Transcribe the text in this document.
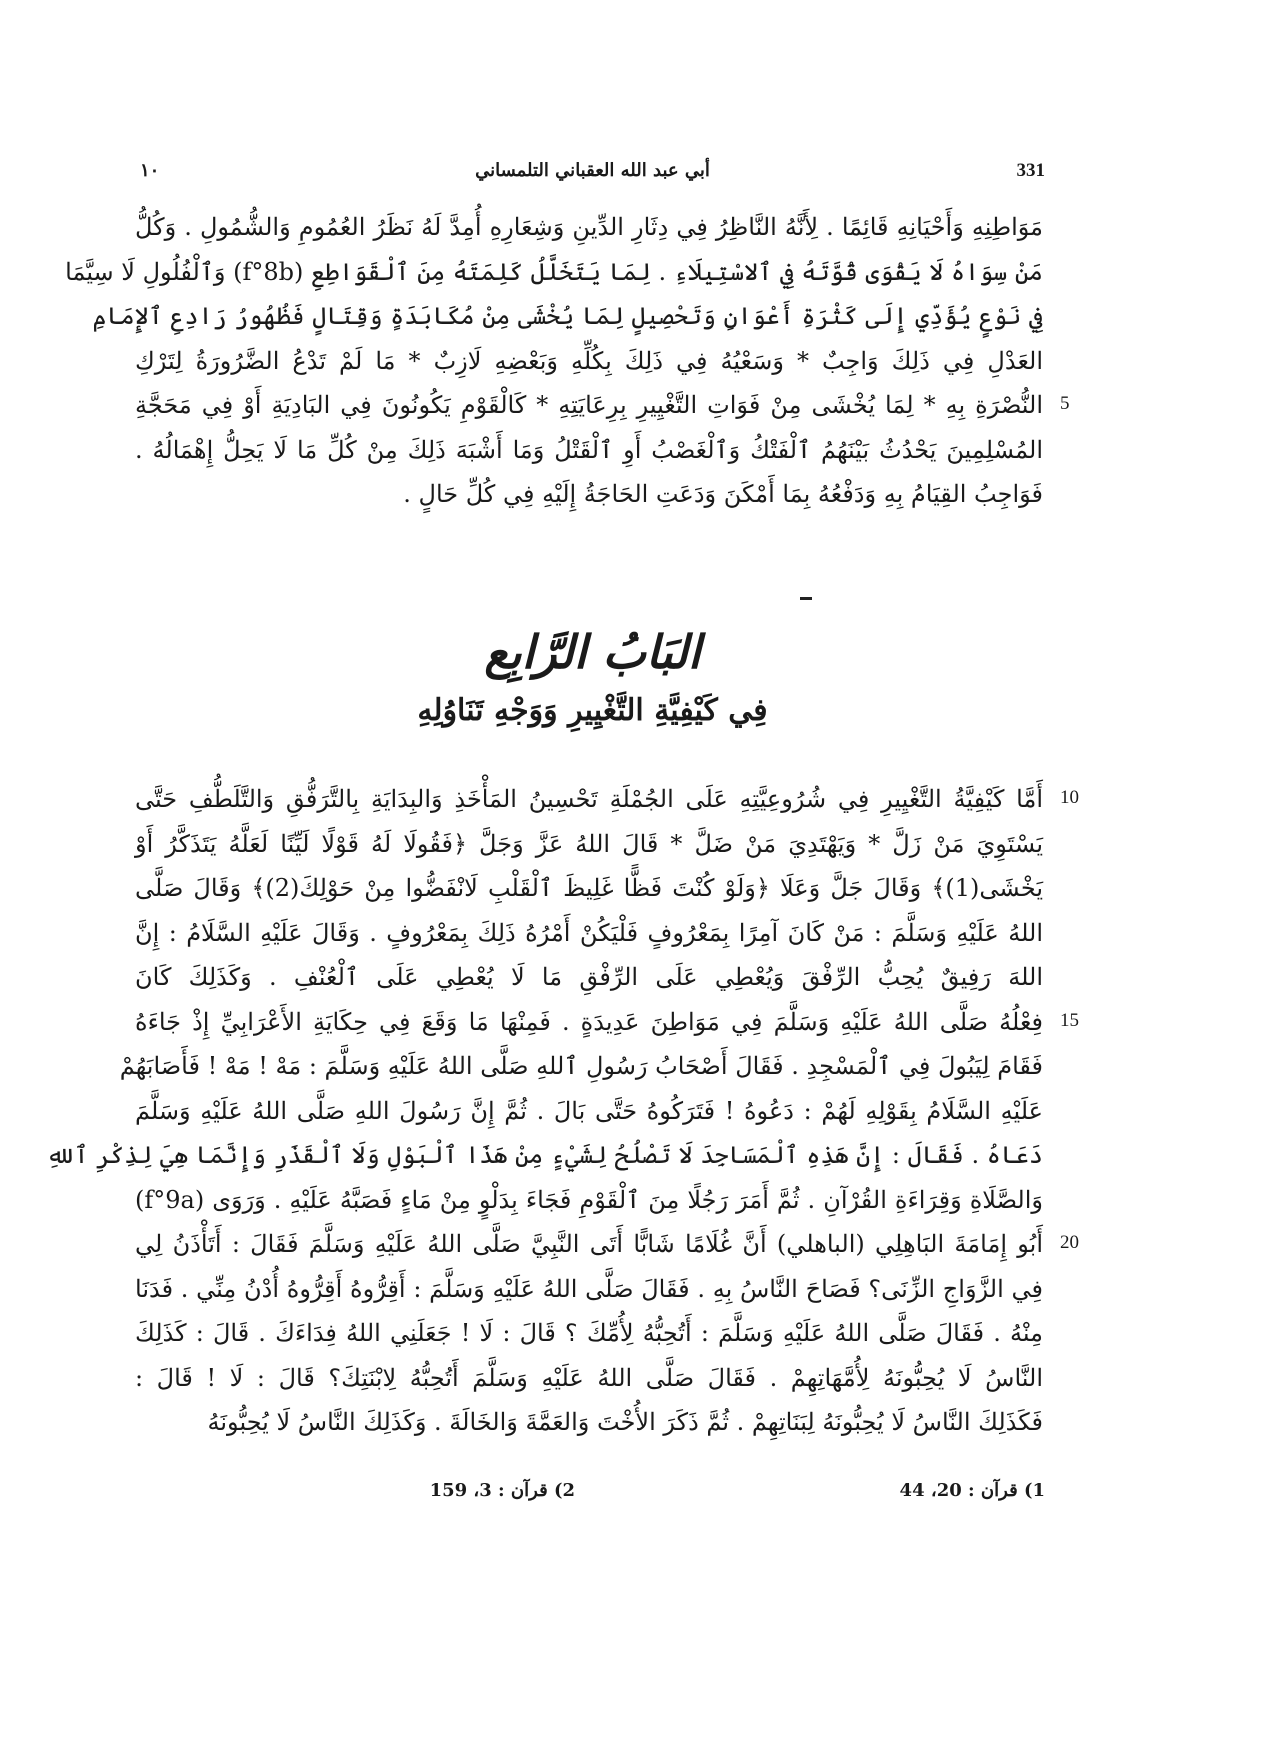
331
أبي عبد الله العقباني التلمساني
١٠
مَوَاطِنِهِ وَأَحْيَانِهِ قَائِمًا . لِأَنَّهُ النَّاظِرُ فِي دِثَارِ الدِّينِ وَشِعَارِهِ أُمِدَّ لَهُ نَظَرُ العُمُومِ وَالشُّمُولِ . وَكُلُّ
مَنْ سِوَاهُ لَا يَقْوَى قُوَّتَهُ فِي ٱلاسْتِيلَاءِ . لِمَا يَتَخَلَّلُ كَلِمَتَهُ مِنَ ٱلْقَوَاطِعِ (f°8b) وَٱلْفُلُولِ لَا سِيَّمَا
فِي نَوْعٍ يُؤَدِّي إِلَى كَثْرَةِ أَعْوَانٍ وَتَحْصِيلٍ لِمَا يُخْشَى مِنْ مُكَابَدَةٍ وَقِتَالٍ فَظُهُورُ رَادِعِ ٱلإِمَامِ
العَدْلِ فِي ذَلِكَ وَاجِبٌ * وَسَعْيُهُ فِي ذَلِكَ بِكُلِّهِ وَبَعْضِهِ لَازِبٌ * مَا لَمْ تَدْعُ الضَّرُورَةُ لِتَرْكِ
النُّصْرَةِ بِهِ * لِمَا يُخْشَى مِنْ فَوَاتِ التَّغْيِيرِ بِرِعَايَتِهِ * كَالْقَوْمِ يَكُونُونَ فِي البَادِيَةِ أَوْ فِي مَحَجَّةِ
المُسْلِمِينَ يَحْدُثُ بَيْنَهُمُ ٱلْفَتْكُ وَٱلْغَصْبُ أَوِ ٱلْقَتْلُ وَمَا أَشْبَهَ ذَلِكَ مِنْ كُلِّ مَا لَا يَحِلُّ إِهْمَالُهُ .
فَوَاجِبُ القِيَامُ بِهِ وَدَفْعُهُ بِمَا أَمْكَنَ وَدَعَتِ الحَاجَةُ إِلَيْهِ فِي كُلِّ حَالٍ .
5
البَابُ الرَّابِع
فِي كَيْفِيَّةِ التَّغْيِيرِ وَوَجْهِ تَنَاوُلِهِ
أَمَّا كَيْفِيَّةُ التَّغْيِيرِ فِي شُرُوعِيَّتِهِ عَلَى الجُمْلَةِ تَحْسِينُ المَأْخَذِ وَالبِدَايَةِ بِالتَّرَفُّقِ وَالتَّلَطُّفِ حَتَّى
يَسْتَوِيَ مَنْ زَلَّ * وَيَهْتَدِيَ مَنْ ضَلَّ * قَالَ اللهُ عَزَّ وَجَلَّ ﴿فَقُولَا لَهُ قَوْلًا لَيِّنًا لَعَلَّهُ يَتَذَكَّرُ أَوْ
يَخْشَى(1)﴾ وَقَالَ جَلَّ وَعَلَا ﴿وَلَوْ كُنْتَ فَظًّا غَلِيظَ ٱلْقَلْبِ لَانْفَضُّوا مِنْ حَوْلِكَ(2)﴾ وَقَالَ صَلَّى
اللهُ عَلَيْهِ وَسَلَّمَ : مَنْ كَانَ آمِرًا بِمَعْرُوفٍ فَلْيَكُنْ أَمْرُهُ ذَلِكَ بِمَعْرُوفٍ . وَقَالَ عَلَيْهِ السَّلَامُ : إِنَّ
اللهَ رَفِيقٌ يُحِبُّ الرِّفْقَ وَيُعْطِي عَلَى الرِّفْقِ مَا لَا يُعْطِي عَلَى ٱلْعُنْفِ . وَكَذَلِكَ كَانَ
فِعْلُهُ صَلَّى اللهُ عَلَيْهِ وَسَلَّمَ فِي مَوَاطِنَ عَدِيدَةٍ . فَمِنْهَا مَا وَقَعَ فِي حِكَايَةِ الأَعْرَابِيِّ إِذْ جَاءَهُ
فَقَامَ لِيَبُولَ فِي ٱلْمَسْجِدِ . فَقَالَ أَصْحَابُ رَسُولِ ٱللهِ صَلَّى اللهُ عَلَيْهِ وَسَلَّمَ : مَهْ ! مَهْ ! فَأَصَابَهُمْ
عَلَيْهِ السَّلَامُ بِقَوْلِهِ لَهُمْ : دَعُوهُ ! فَتَرَكُوهُ حَتَّى بَالَ . ثُمَّ إِنَّ رَسُولَ اللهِ صَلَّى اللهُ عَلَيْهِ وَسَلَّمَ
دَعَاهُ . فَقَالَ : إِنَّ هَذِهِ ٱلْمَسَاجِدَ لَا تَصْلُحُ لِشَيْءٍ مِنْ هَذَا ٱلْبَوْلِ وَلَا ٱلْقَذَرِ وَإِنَّمَا هِيَ لِذِكْرِ ٱللهِ
وَالصَّلَاةِ وَقِرَاءَةِ القُرْآنِ . ثُمَّ أَمَرَ رَجُلًا مِنَ ٱلْقَوْمِ فَجَاءَ بِدَلْوٍ مِنْ مَاءٍ فَصَبَّهُ عَلَيْهِ . وَرَوَى (f°9a)
أَبُو إِمَامَةَ البَاهِلِي (الباهلي) أَنَّ غُلَامًا شَابًّا أَتَى النَّبِيَّ صَلَّى اللهُ عَلَيْهِ وَسَلَّمَ فَقَالَ : أَتَأْذَنُ لِي
فِي الزَّوَاجِ الزِّنَى؟ فَصَاحَ النَّاسُ بِهِ . فَقَالَ صَلَّى اللهُ عَلَيْهِ وَسَلَّمَ : أَقِرُّوهُ أَقِرُّوهُ أُدْنُ مِنِّي . فَدَنَا
مِنْهُ . فَقَالَ صَلَّى اللهُ عَلَيْهِ وَسَلَّمَ : أَتُحِبُّهُ لِأُمِّكَ ؟ قَالَ : لَا ! جَعَلَنِي اللهُ فِدَاءَكَ . قَالَ : كَذَلِكَ
النَّاسُ لَا يُحِبُّونَهُ لِأُمَّهَاتِهِمْ . فَقَالَ صَلَّى اللهُ عَلَيْهِ وَسَلَّمَ أَتُحِبُّهُ لِابْنَتِكَ؟ قَالَ : لَا ! قَالَ :
فَكَذَلِكَ النَّاسُ لَا يُحِبُّونَهُ لِبَنَاتِهِمْ . ثُمَّ ذَكَرَ الأُخْتَ وَالعَمَّةَ وَالخَالَةَ . وَكَذَلِكَ النَّاسُ لَا يُحِبُّونَهُ
10
15
20
1) قرآن : 20، 44
2) قرآن : 3، 159
